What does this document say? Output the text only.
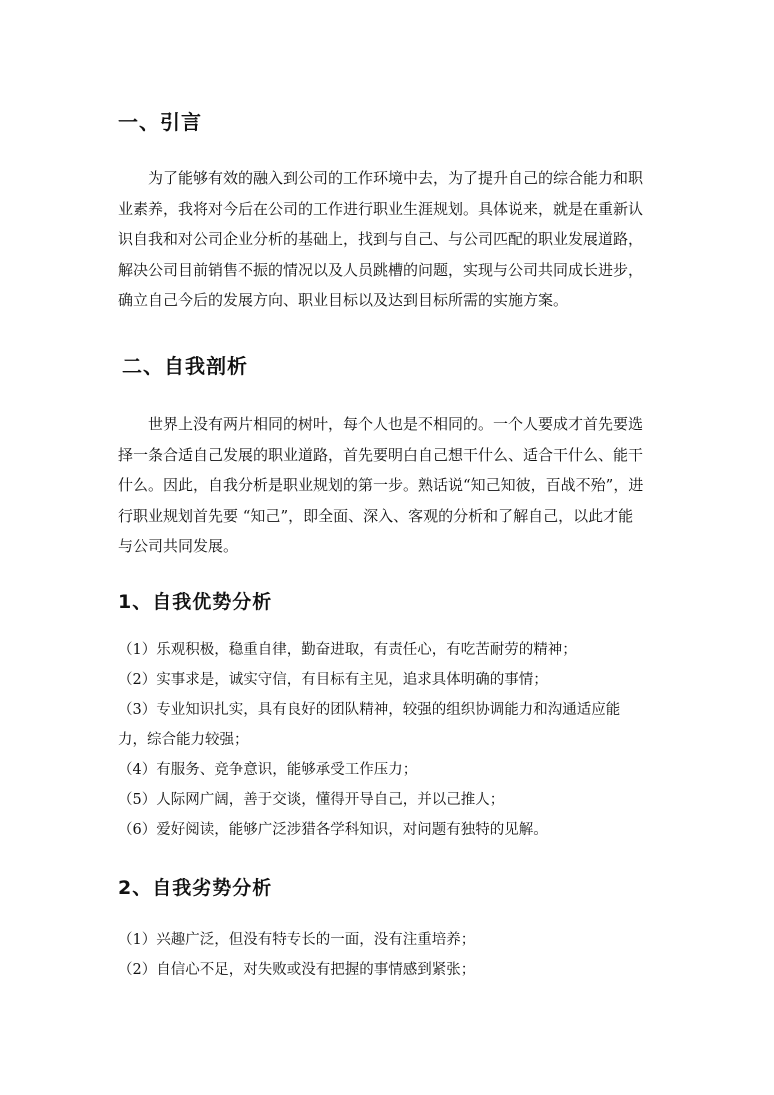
一、引言

为了能够有效的融入到公司的工作环境中去，为了提升自己的综合能力和职
业素养，我将对今后在公司的工作进行职业生涯规划。具体说来，就是在重新认
识自我和对公司企业分析的基础上，找到与自己、与公司匹配的职业发展道路，
解决公司目前销售不振的情况以及人员跳槽的问题，实现与公司共同成长进步，
确立自己今后的发展方向、职业目标以及达到目标所需的实施方案。

二、自我剖析

世界上没有两片相同的树叶，每个人也是不相同的。一个人要成才首先要选
择一条合适自己发展的职业道路，首先要明白自己想干什么、适合干什么、能干
什么。因此，自我分析是职业规划的第一步。熟话说“知己知彼，百战不殆”，进
行职业规划首先要 “知己”，即全面、深入、客观的分析和了解自己，以此才能
与公司共同发展。

1、自我优势分析
（1）乐观积极，稳重自律，勤奋进取，有责任心，有吃苦耐劳的精神；
（2）实事求是，诚实守信，有目标有主见，追求具体明确的事情；
（3）专业知识扎实，具有良好的团队精神，较强的组织协调能力和沟通适应能
力，综合能力较强；
（4）有服务、竞争意识，能够承受工作压力；
（5）人际网广阔，善于交谈，懂得开导自己，并以己推人；
（6）爱好阅读，能够广泛涉猎各学科知识，对问题有独特的见解。
2、自我劣势分析
（1）兴趣广泛，但没有特专长的一面，没有注重培养；
（2）自信心不足，对失败或没有把握的事情感到紧张；
